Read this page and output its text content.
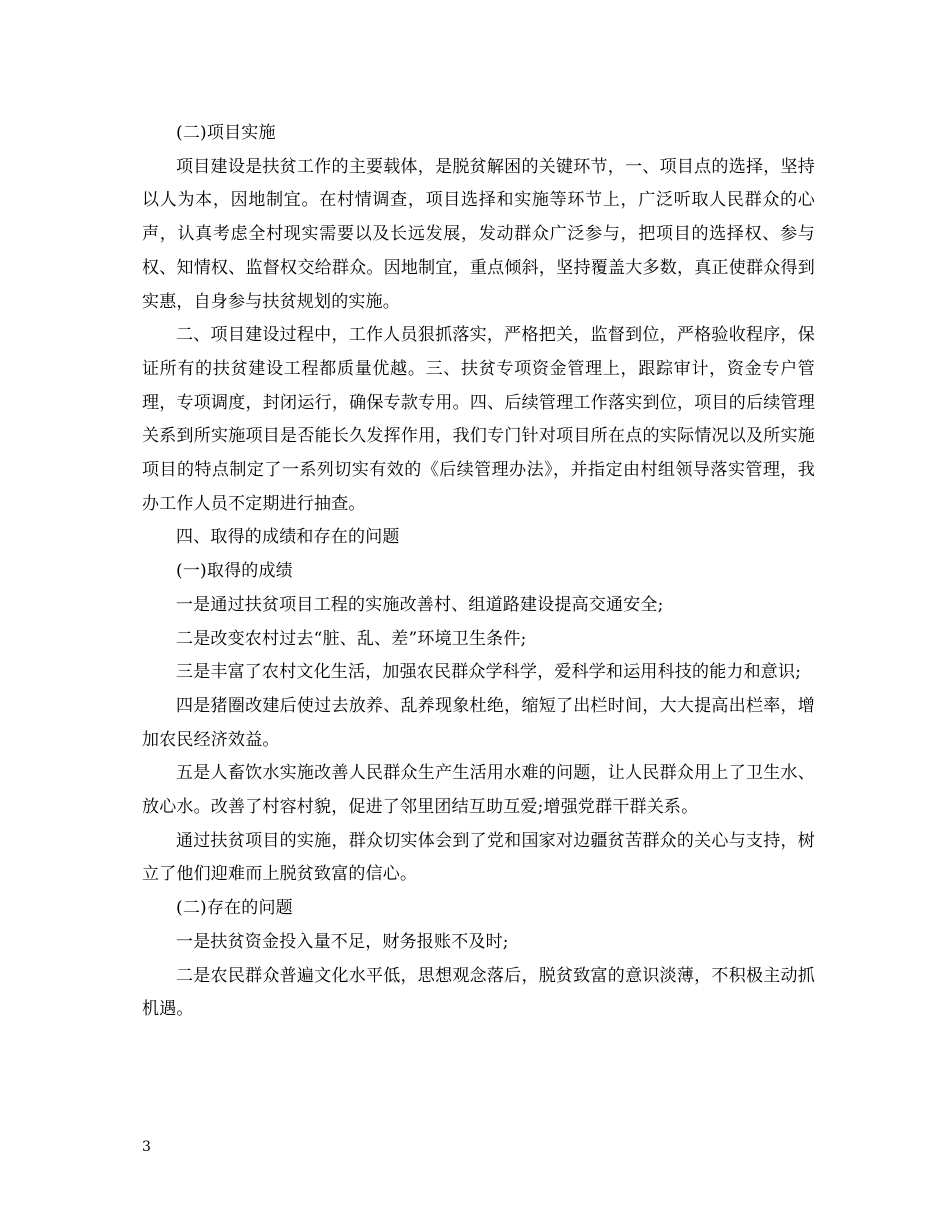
(二)项目实施

项目建设是扶贫工作的主要载体，是脱贫解困的关键环节，一、项目点的选择，坚持以人为本，因地制宜。在村情调查，项目选择和实施等环节上，广泛听取人民群众的心声，认真考虑全村现实需要以及长远发展，发动群众广泛参与，把项目的选择权、参与权、知情权、监督权交给群众。因地制宜，重点倾斜，坚持覆盖大多数，真正使群众得到实惠，自身参与扶贫规划的实施。

二、项目建设过程中，工作人员狠抓落实，严格把关，监督到位，严格验收程序，保证所有的扶贫建设工程都质量优越。三、扶贫专项资金管理上，跟踪审计，资金专户管理，专项调度，封闭运行，确保专款专用。四、后续管理工作落实到位，项目的后续管理关系到所实施项目是否能长久发挥作用，我们专门针对项目所在点的实际情况以及所实施项目的特点制定了一系列切实有效的《后续管理办法》，并指定由村组领导落实管理，我办工作人员不定期进行抽查。

四、取得的成绩和存在的问题

(一)取得的成绩

一是通过扶贫项目工程的实施改善村、组道路建设提高交通安全;

二是改变农村过去“脏、乱、差”环境卫生条件;

三是丰富了农村文化生活，加强农民群众学科学，爱科学和运用科技的能力和意识;

四是猪圈改建后使过去放养、乱养现象杜绝，缩短了出栏时间，大大提高出栏率，增加农民经济效益。

五是人畜饮水实施改善人民群众生产生活用水难的问题，让人民群众用上了卫生水、放心水。改善了村容村貌，促进了邻里团结互助互爱;增强党群干群关系。

通过扶贫项目的实施，群众切实体会到了党和国家对边疆贫苦群众的关心与支持，树立了他们迎难而上脱贫致富的信心。

(二)存在的问题

一是扶贫资金投入量不足，财务报账不及时;

二是农民群众普遍文化水平低，思想观念落后，脱贫致富的意识淡薄，不积极主动抓机遇。

3
